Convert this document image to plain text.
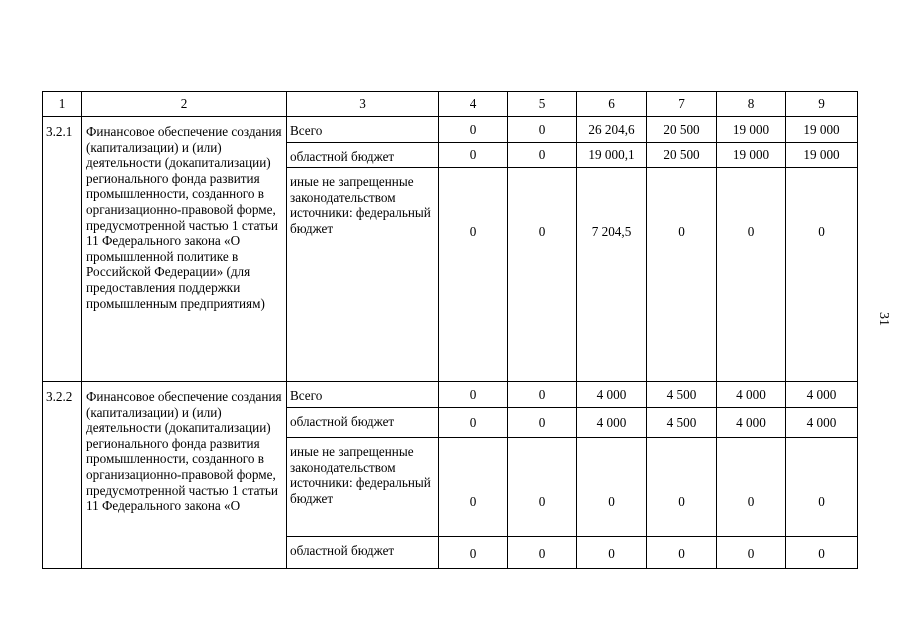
1	2	3	4	5	6	7	8	9
3.2.1	Финансовое обеспечение создания (капитализации) и (или) деятельности (докапитализации) регионального фонда развития промышленности, созданного в организационно-правовой форме, предусмотренной частью 1 статьи 11 Федерального закона «О промышленной политике в Российской Федерации» (для предоставления поддержки промышленным предприятиям)	Всего	0	0	26 204,6	20 500	19 000	19 000
		областной бюджет	0	0	19 000,1	20 500	19 000	19 000
		иные не запрещенные законодательством источники: федеральный бюджет	0	0	7 204,5	0	0	0
3.2.2	Финансовое обеспечение создания (капитализации) и (или) деятельности (докапитализации) регионального фонда развития промышленности, созданного в организационно-правовой форме, предусмотренной частью 1 статьи 11 Федерального закона «О	Всего	0	0	4 000	4 500	4 000	4 000
		областной бюджет	0	0	4 000	4 500	4 000	4 000
		иные не запрещенные законодательством источники: федеральный бюджет	0	0	0	0	0	0
		областной бюджет	0	0	0	0	0	0
31
